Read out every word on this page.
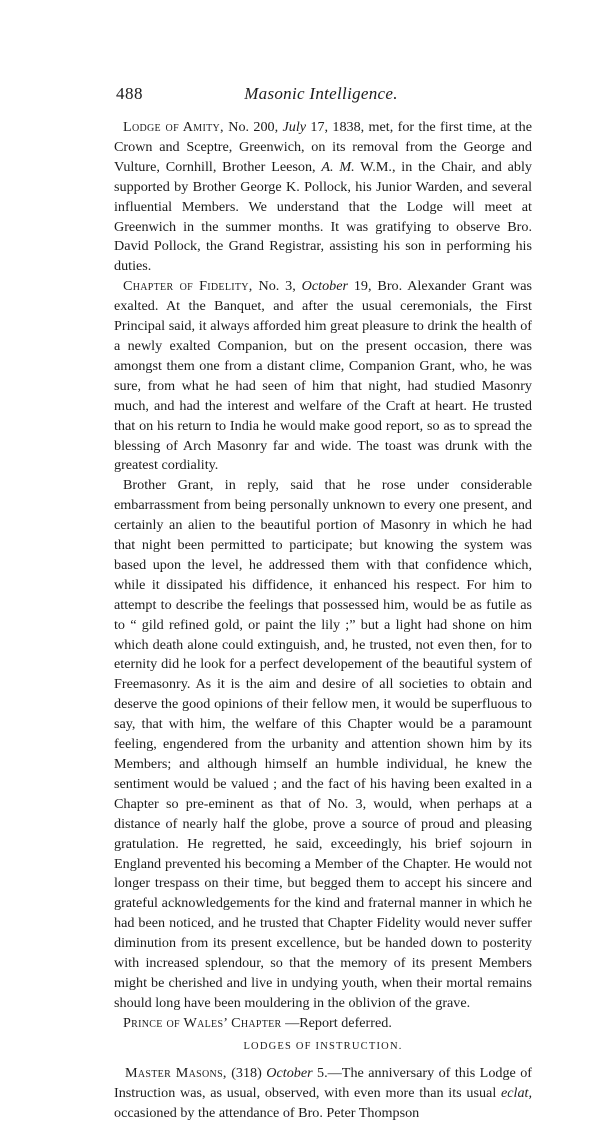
488	Masonic Intelligence.

Lodge of Amity, No. 200, July 17, 1838, met, for the first time, at the Crown and Sceptre, Greenwich, on its removal from the George and Vulture, Cornhill, Brother Leeson, A. M. W.M., in the Chair, and ably supported by Brother George K. Pollock, his Junior Warden, and several influential Members. We understand that the Lodge will meet at Greenwich in the summer months. It was gratifying to observe Bro. David Pollock, the Grand Registrar, assisting his son in performing his duties.

Chapter of Fidelity, No. 3, October 19, Bro. Alexander Grant was exalted. At the Banquet, and after the usual ceremonials, the First Principal said, it always afforded him great pleasure to drink the health of a newly exalted Companion, but on the present occasion, there was amongst them one from a distant clime, Companion Grant, who, he was sure, from what he had seen of him that night, had studied Masonry much, and had the interest and welfare of the Craft at heart. He trusted that on his return to India he would make good report, so as to spread the blessing of Arch Masonry far and wide. The toast was drunk with the greatest cordiality.

Brother Grant, in reply, said that he rose under considerable embarrassment from being personally unknown to every one present, and certainly an alien to the beautiful portion of Masonry in which he had that night been permitted to participate; but knowing the system was based upon the level, he addressed them with that confidence which, while it dissipated his diffidence, it enhanced his respect. For him to attempt to describe the feelings that possessed him, would be as futile as to “ gild refined gold, or paint the lily ;” but a light had shone on him which death alone could extinguish, and, he trusted, not even then, for to eternity did he look for a perfect developement of the beautiful system of Freemasonry. As it is the aim and desire of all societies to obtain and deserve the good opinions of their fellow men, it would be superfluous to say, that with him, the welfare of this Chapter would be a paramount feeling, engendered from the urbanity and attention shown him by its Members; and although himself an humble individual, he knew the sentiment would be valued ; and the fact of his having been exalted in a Chapter so pre-eminent as that of No. 3, would, when perhaps at a distance of nearly half the globe, prove a source of proud and pleasing gratulation. He regretted, he said, exceedingly, his brief sojourn in England prevented his becoming a Member of the Chapter. He would not longer trespass on their time, but begged them to accept his sincere and grateful acknowledgements for the kind and fraternal manner in which he had been noticed, and he trusted that Chapter Fidelity would never suffer diminution from its present excellence, but be handed down to posterity with increased splendour, so that the memory of its present Members might be cherished and live in undying youth, when their mortal remains should long have been mouldering in the oblivion of the grave.

Prince of Wales’ Chapter —Report deferred.

LODGES OF INSTRUCTION.

Master Masons, (318) October 5.—The anniversary of this Lodge of Instruction was, as usual, observed, with even more than its usual eclat, occasioned by the attendance of Bro. Peter Thompson
